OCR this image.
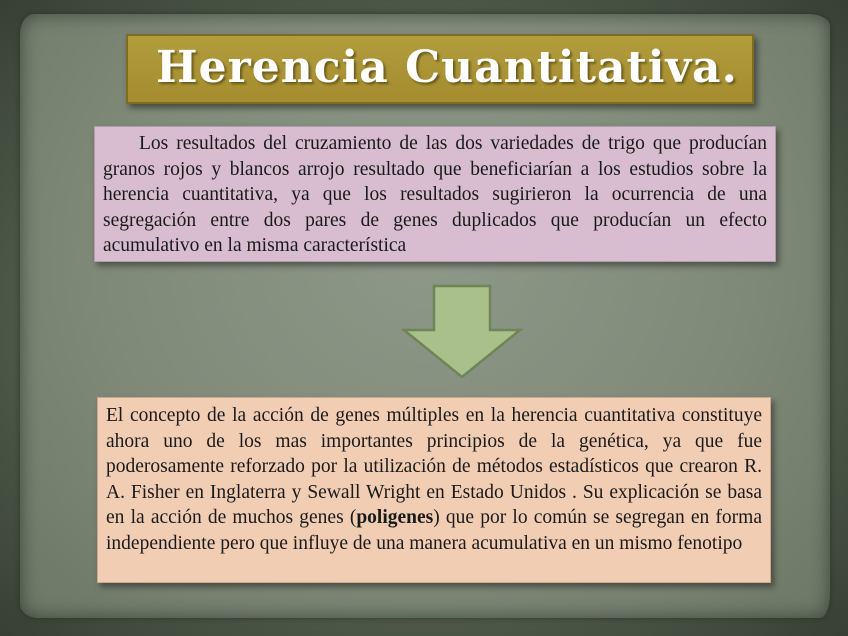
Herencia Cuantitativa.

Los resultados del cruzamiento de las dos variedades de trigo que producían granos rojos y blancos arrojo resultado que beneficiarían a los estudios sobre la herencia cuantitativa, ya que los resultados sugirieron la ocurrencia de una segregación entre dos pares de genes duplicados que producían un efecto acumulativo en la misma característica

El concepto de la acción de genes múltiples en la herencia cuantitativa constituye ahora uno de los mas importantes principios de la genética, ya que fue poderosamente reforzado por la utilización de métodos estadísticos que crearon R. A. Fisher en Inglaterra y Sewall Wright en Estado Unidos . Su explicación se basa en la acción de muchos genes (poligenes) que por lo común se segregan en forma independiente pero que influye de una manera acumulativa en un mismo fenotipo
